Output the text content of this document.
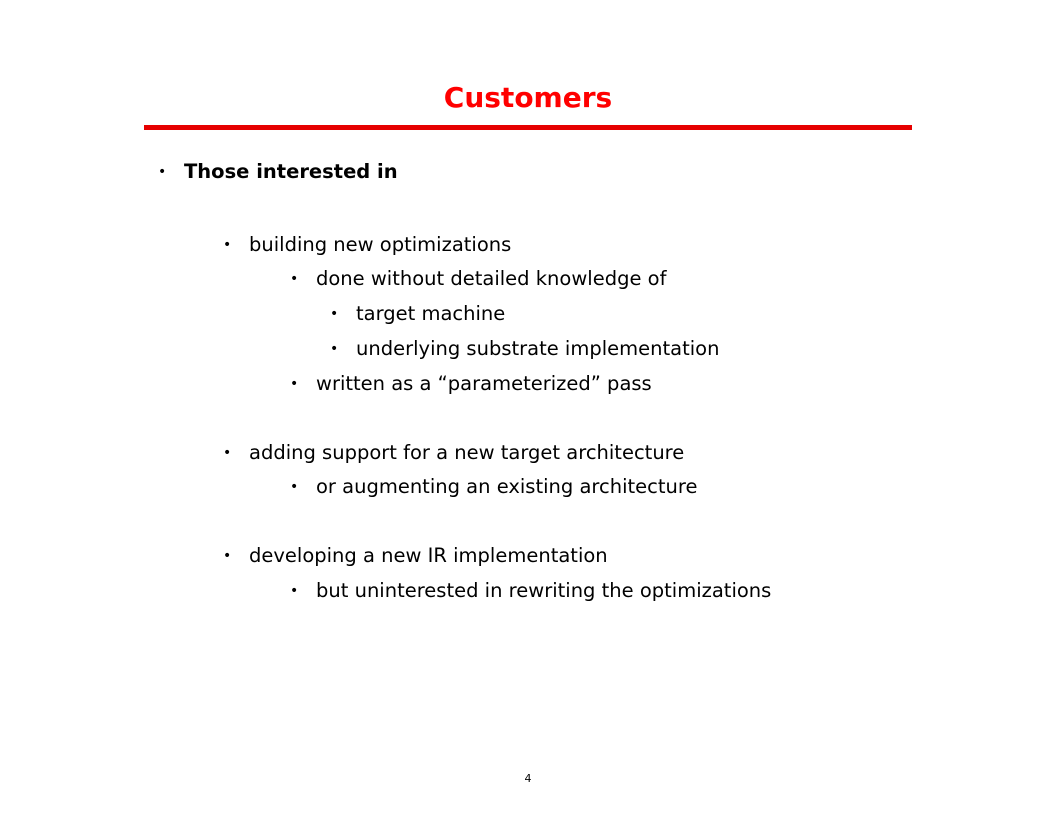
Customers
• Those interested in
• building new optimizations
• done without detailed knowledge of
• target machine
• underlying substrate implementation
• written as a “parameterized” pass
• adding support for a new target architecture
• or augmenting an existing architecture
• developing a new IR implementation
• but uninterested in rewriting the optimizations
4
